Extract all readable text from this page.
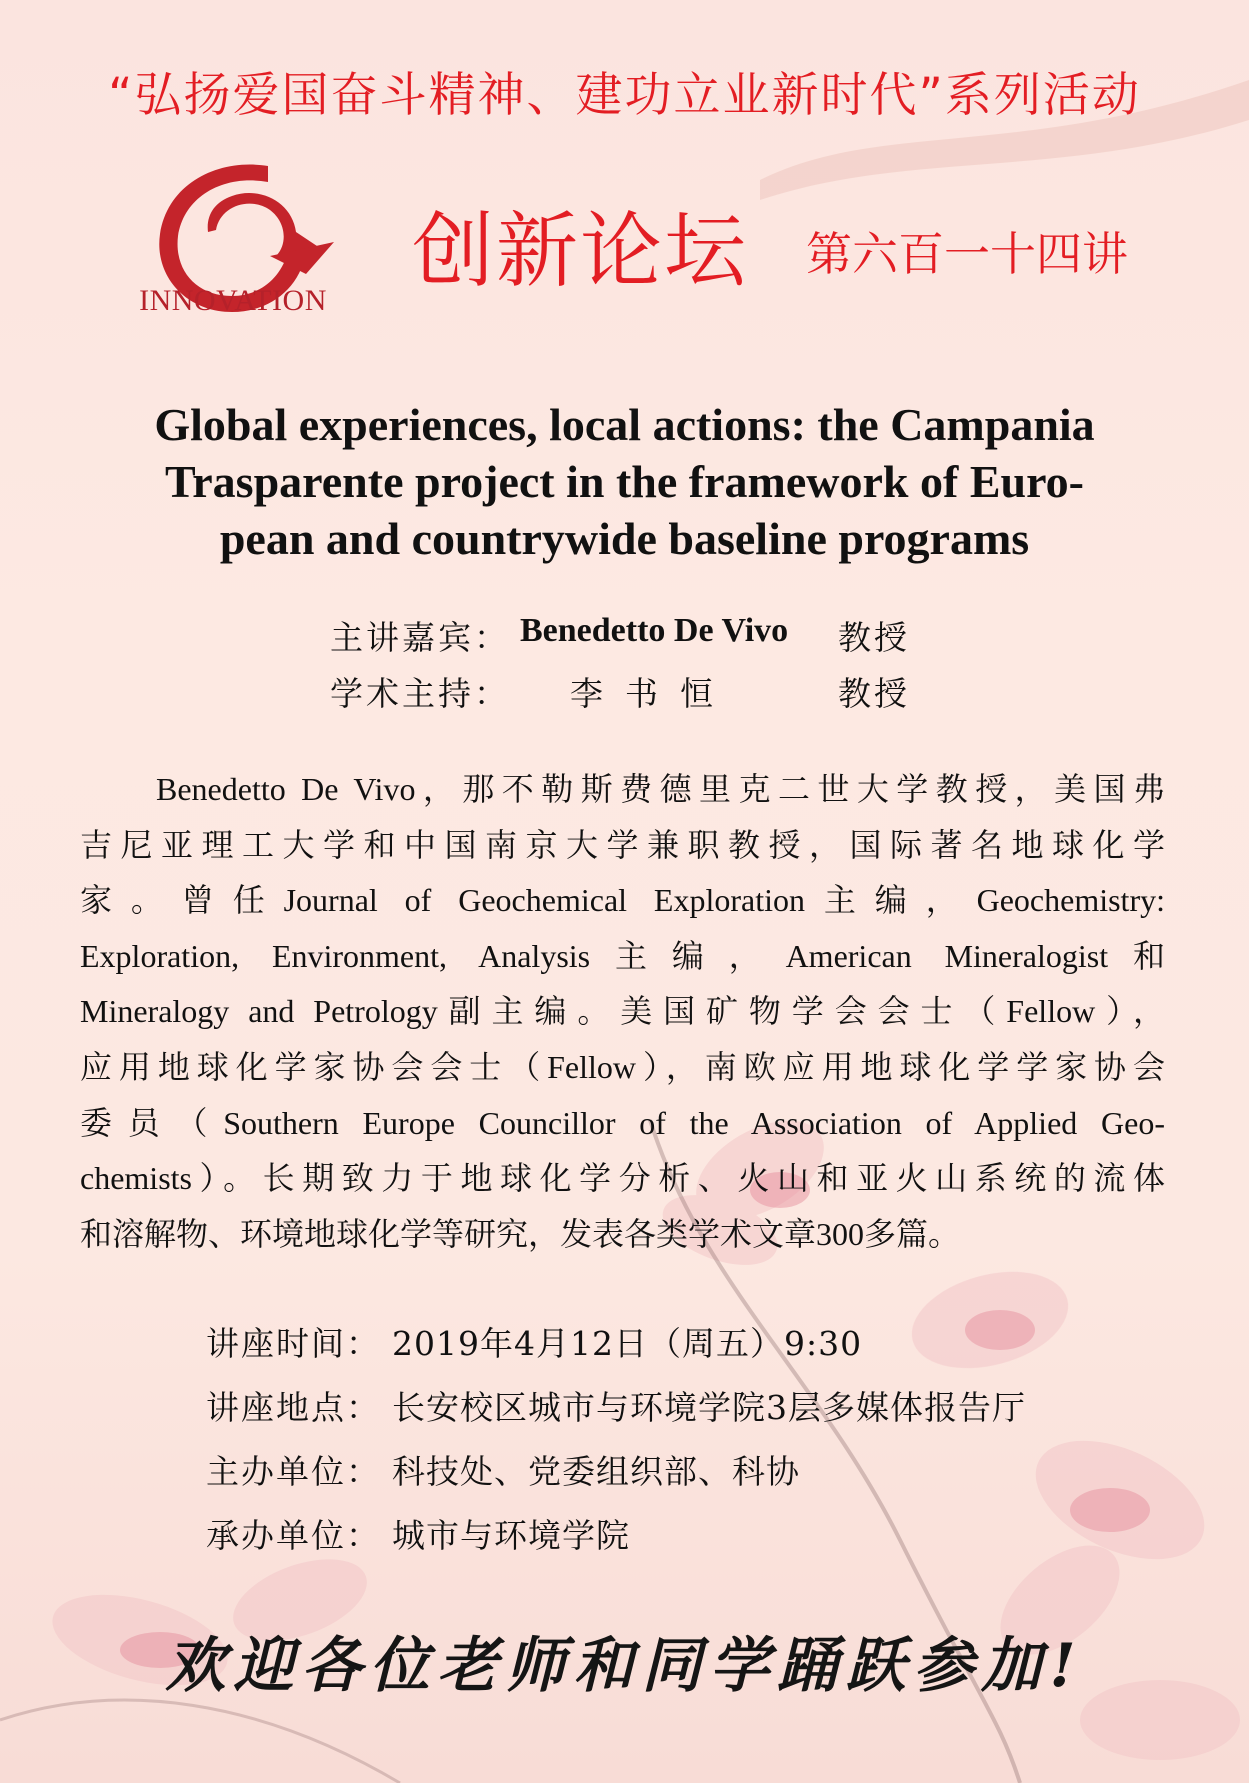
“弘扬爱国奋斗精神、建功立业新时代”系列活动
INNOVATION
创新论坛 第六百一十四讲
Global experiences, local actions: the Campania
Trasparente project in the framework of Euro-
pean and countrywide baseline programs
主讲嘉宾： Benedetto De Vivo 教授
学术主持： 李书恒	教授
Benedetto De Vivo，那不勒斯费德里克二世大学教授，美国弗
吉尼亚理工大学和中国南京大学兼职教授，国际著名地球化学
家。曾任Journal of Geochemical Exploration主编，Geochemistry:
Exploration, Environment, Analysis主编，American Mineralogist和
Mineralogy and Petrology副主编。美国矿物学会会士（Fellow），
应用地球化学家协会会士（Fellow），南欧应用地球化学学家协会
委员（Southern Europe Councillor of the Association of Applied Geo-
chemists）。长期致力于地球化学分析、火山和亚火山系统的流体
和溶解物、环境地球化学等研究，发表各类学术文章300多篇。
讲座时间： 2019年4月12日（周五）9:30
讲座地点： 长安校区城市与环境学院3层多媒体报告厅
主办单位： 科技处、党委组织部、科协
承办单位： 城市与环境学院
欢迎各位老师和同学踊跃参加!
